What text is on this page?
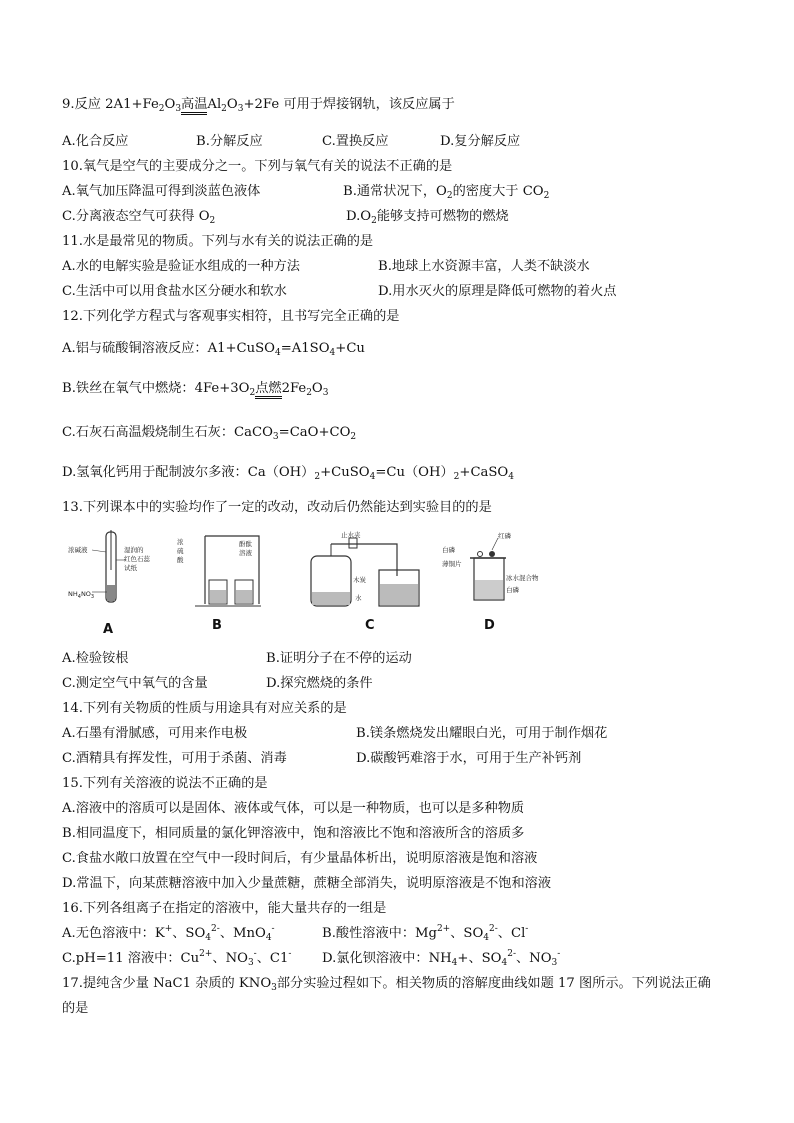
9.反应 $2A1+Fe_2O_3$高温$Al_2O_3+2Fe$ 可用于焊接钢轨，该反应属于
A.化合反应	B.分解反应	C.置换反应	D.复分解反应
10.氧气是空气的主要成分之一。下列与氧气有关的说法不正确的是
A.氧气加压降温可得到淡蓝色液体	B.通常状况下，$O_2$的密度大于 $CO_2$
C.分离液态空气可获得 $O_2$	$D.O_2$能够支持可燃物的燃烧
11.水是最常见的物质。下列与水有关的说法正确的是
A.水的电解实验是验证水组成的一种方法	B.地球上水资源丰富，人类不缺淡水
C.生活中可以用食盐水区分硬水和软水	D.用水灭火的原理是降低可燃物的着火点
12.下列化学方程式与客观事实相符，且书写完全正确的是
A.铝与硫酸铜溶液反应：$A1+CuSO_4=A1SO_4+Cu$
B.铁丝在氧气中燃烧：$4Fe+3O_2$点燃$2Fe_2O_3$
C.石灰石高温煅烧制生石灰：$CaCO_3=CaO+CO_2$
D.氢氧化钙用于配制波尔多液：$Ca(OH)_2+CuSO_4=Cu(OH)_2+CaSO_4$
13.下列课本中的实验均作了一定的改动，改动后仍然能达到实验目的的是
浓碱液	湿润的
红色石蕊
试纸
$NH_4NO_3$
A
浓
硫
酸
酚酞
溶液
B
止水夹
木炭
水
C
红磷
白磷
薄铜片
冰水混合物
白磷
D
A.检验铵根	B.证明分子在不停的运动
C.测定空气中氧气的含量	D.探究燃烧的条件
14.下列有关物质的性质与用途具有对应关系的是
A.石墨有滑腻感，可用来作电极	B.镁条燃烧发出耀眼白光，可用于制作烟花
C.酒精具有挥发性，可用于杀菌、消毒	D.碳酸钙难溶于水，可用于生产补钙剂
15.下列有关溶液的说法不正确的是
A.溶液中的溶质可以是固体、液体或气体，可以是一种物质，也可以是多种物质
B.相同温度下，相同质量的氯化钾溶液中，饱和溶液比不饱和溶液所含的溶质多
C.食盐水敞口放置在空气中一段时间后，有少量晶体析出，说明原溶液是饱和溶液
D.常温下，向某蔗糖溶液中加入少量蔗糖，蔗糖全部消失，说明原溶液是不饱和溶液
16.下列各组离子在指定的溶液中，能大量共存的一组是
A.无色溶液中：K+、$SO_4^{2-}$、MnO$_4$-	B.酸性溶液中：$Mg^{2+}$、$SO_4^{2-}$、Cl-
C.pH=11 溶液中：$Cu^{2+}$、$NO_3^-$、C1- D.氯化钡溶液中：$NH_4+$、$SO_4^{2-}$、$NO_3^-$
17.提纯含少量 NaC1 杂质的 $KNO_3$部分实验过程如下。相关物质的溶解度曲线如题 17 图所示。下列说法正确
的是
